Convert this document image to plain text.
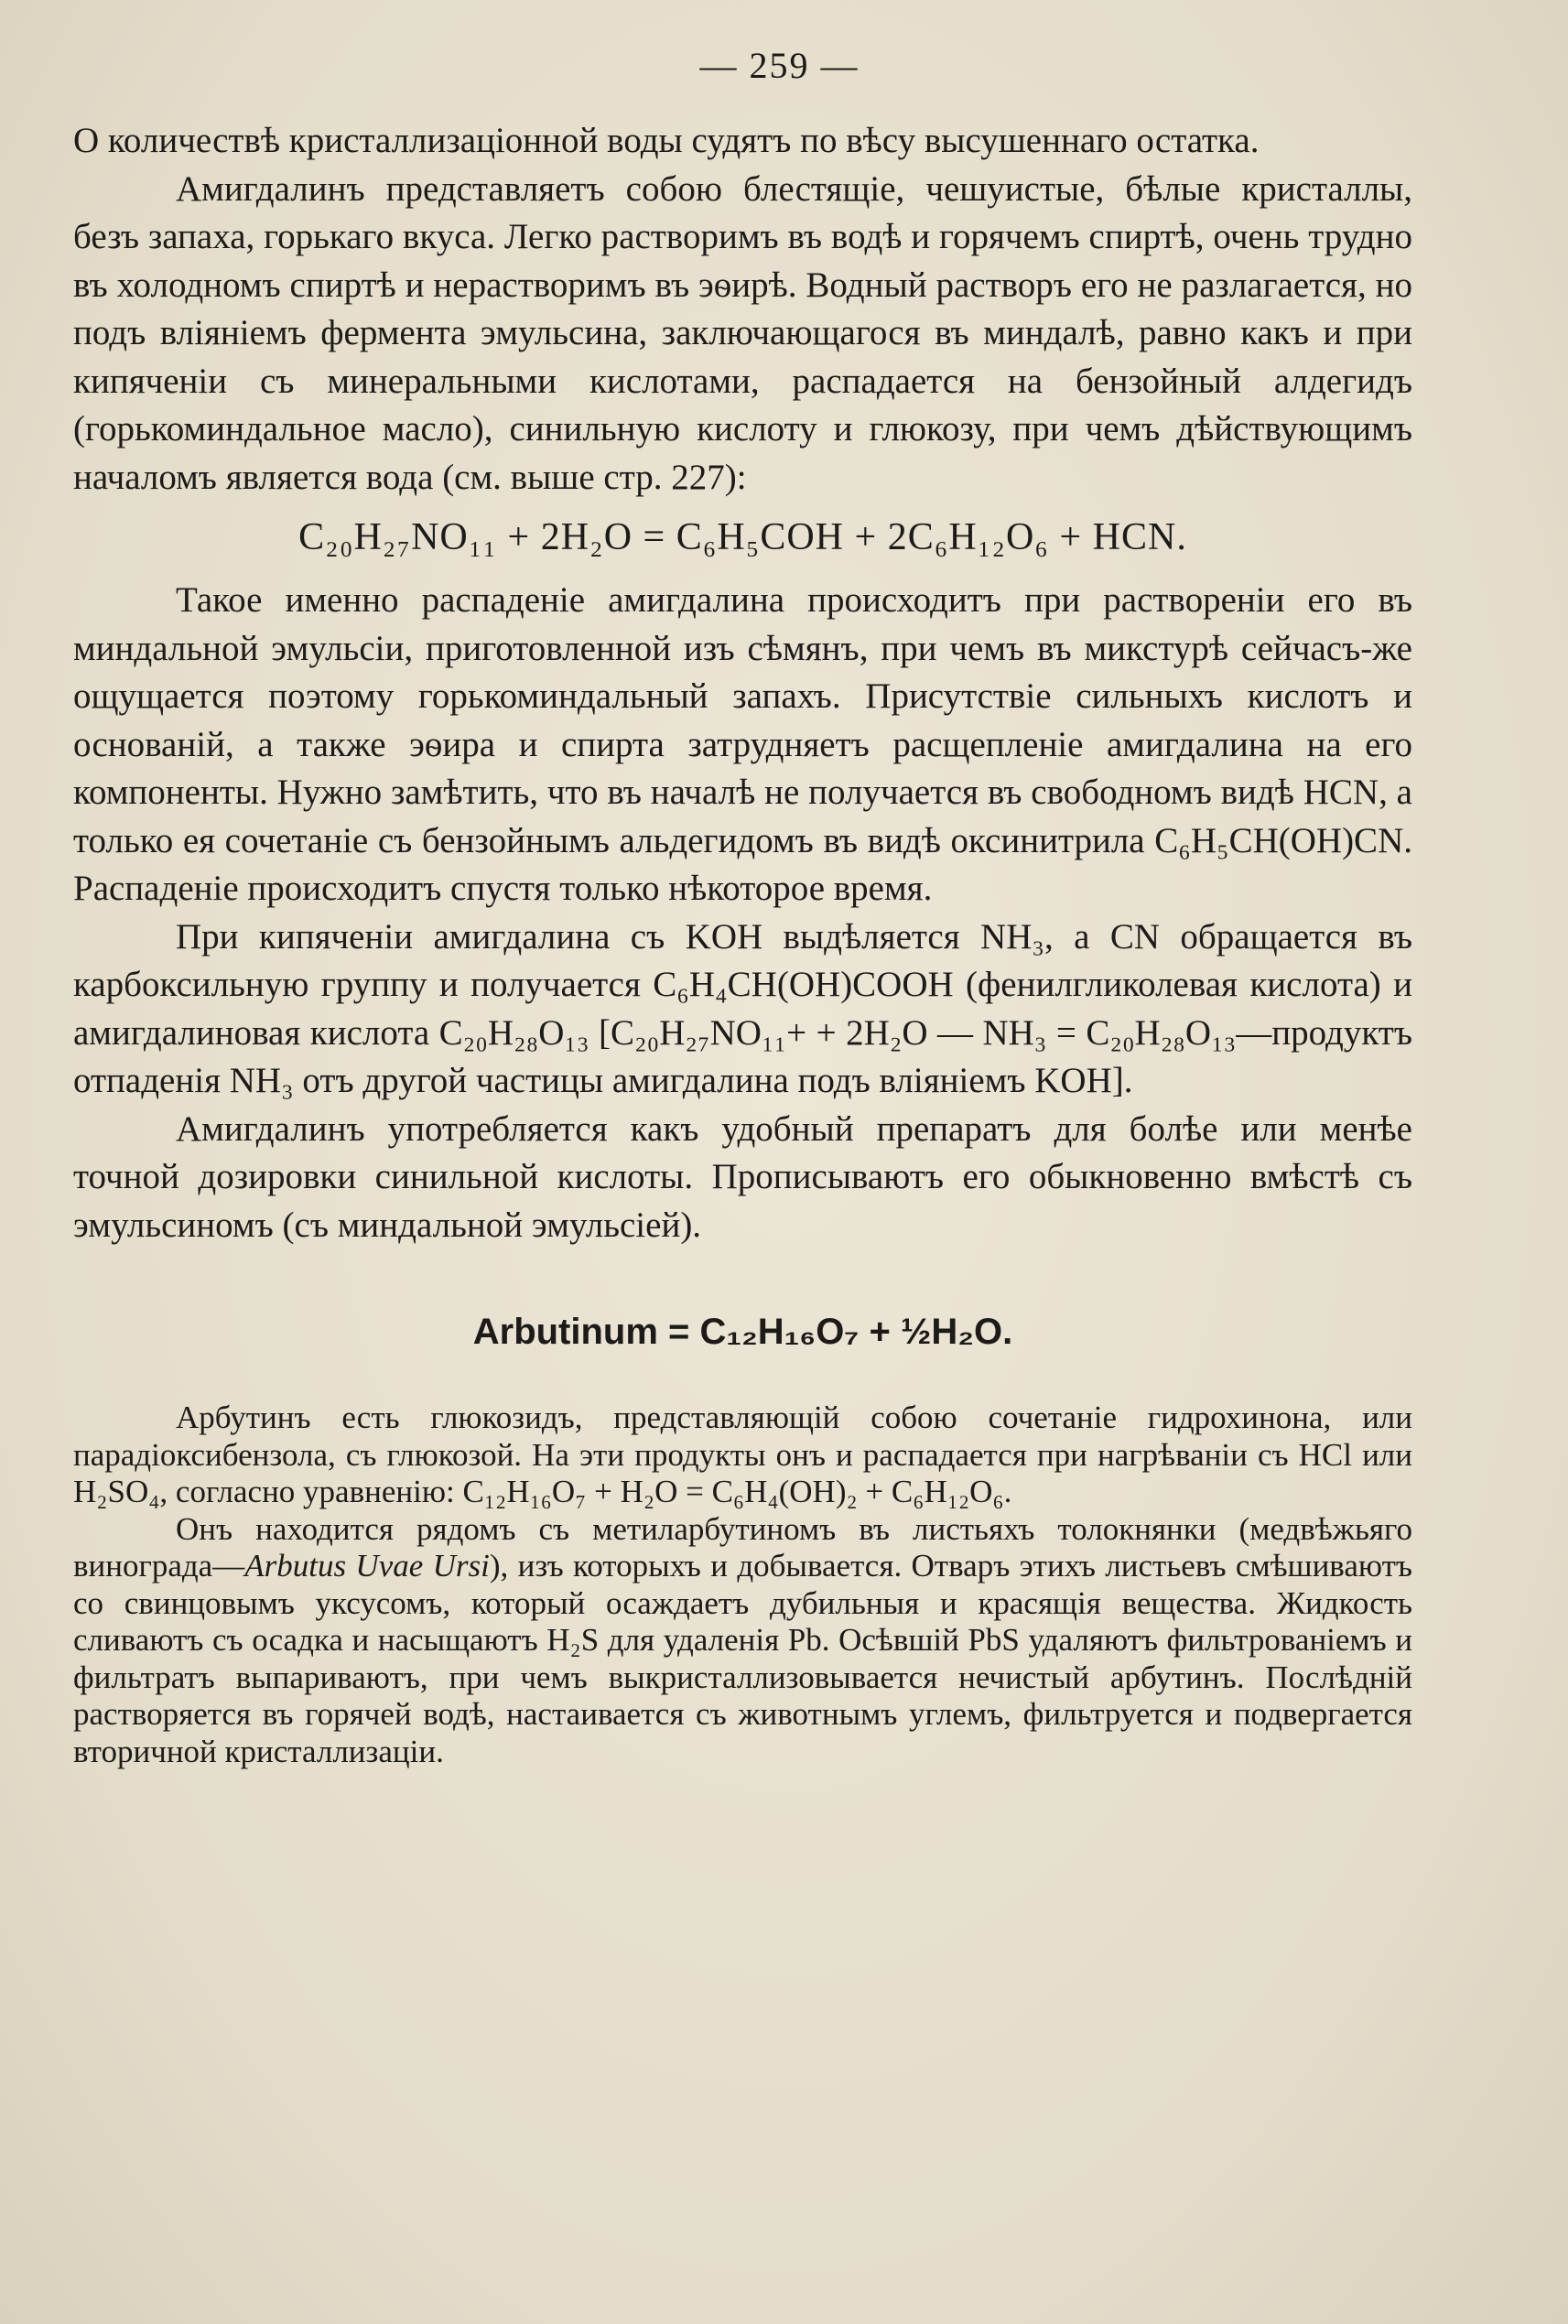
— 259 —

О количествѣ кристаллизаціонной воды судятъ по вѣсу высушеннаго остатка.

Амигдалинъ представляетъ собою блестящіе, чешуистые, бѣлые кристаллы, безъ запаха, горькаго вкуса. Легко растворимъ въ водѣ и горячемъ спиртѣ, очень трудно въ холодномъ спиртѣ и нерастворимъ въ эѳирѣ. Водный растворъ его не разлагается, но подъ вліяніемъ фермента эмульсина, заключающагося въ миндалѣ, равно какъ и при кипяченіи съ минеральными кислотами, распадается на бензойный алдегидъ (горькоминдальное масло), синильную кислоту и глюкозу, при чемъ дѣйствующимъ началомъ является вода (см. выше стр. 227):

C₂₀H₂₇NO₁₁ + 2H₂O = C₆H₅COH + 2C₆H₁₂O₆ + HCN.

Такое именно распаденіе амигдалина происходитъ при раствореніи его въ миндальной эмульсіи, приготовленной изъ сѣмянъ, при чемъ въ микстурѣ сейчасъ-же ощущается поэтому горькоминдальный запахъ. Присутствіе сильныхъ кислотъ и основаній, а также эѳира и спирта затрудняетъ расщепленіе амигдалина на его компоненты. Нужно замѣтить, что въ началѣ не получается въ свободномъ видѣ HCN, а только ея сочетаніе съ бензойнымъ альдегидомъ въ видѣ оксинитрила C₆H₅CH(OH)CN. Распаденіе происходитъ спустя только нѣкоторое время.

При кипяченіи амигдалина съ KOH выдѣляется NH₃, а CN обращается въ карбоксильную группу и получается C₆H₄CH(OH)COOH (фенилгликолевая кислота) и амигдалиновая кислота C₂₀H₂₈O₁₃ [C₂₀H₂₇NO₁₁+ + 2H₂O — NH₃ = C₂₀H₂₈O₁₃—продуктъ отпаденія NH₃ отъ другой частицы амигдалина подъ вліяніемъ KOH].

Амигдалинъ употребляется какъ удобный препаратъ для болѣе или менѣе точной дозировки синильной кислоты. Прописываютъ его обыкновенно вмѣстѣ съ эмульсиномъ (съ миндальной эмульсіей).

Arbutinum = C₁₂H₁₆O₇ + ½H₂O.

Арбутинъ есть глюкозидъ, представляющій собою сочетаніе гидрохинона, или парадіоксибензола, съ глюкозой. На эти продукты онъ и распадается при нагрѣваніи съ HCl или H₂SO₄, согласно уравненію: C₁₂H₁₆O₇ + H₂O = C₆H₄(OH)₂ + C₆H₁₂O₆.

Онъ находится рядомъ съ метиларбутиномъ въ листьяхъ толокнянки (медвѣжьяго винограда—Arbutus Uvae Ursi), изъ которыхъ и добывается. Отваръ этихъ листьевъ смѣшиваютъ со свинцовымъ уксусомъ, который осаждаетъ дубильныя и красящія вещества. Жидкость сливаютъ съ осадка и насыщаютъ H₂S для удаленія Pb. Осѣвшій PbS удаляютъ фильтрованіемъ и фильтратъ выпариваютъ, при чемъ выкристаллизовывается нечистый арбутинъ. Послѣдній растворяется въ горячей водѣ, настаивается съ животнымъ углемъ, фильтруется и подвергается вторичной кристаллизаціи.
